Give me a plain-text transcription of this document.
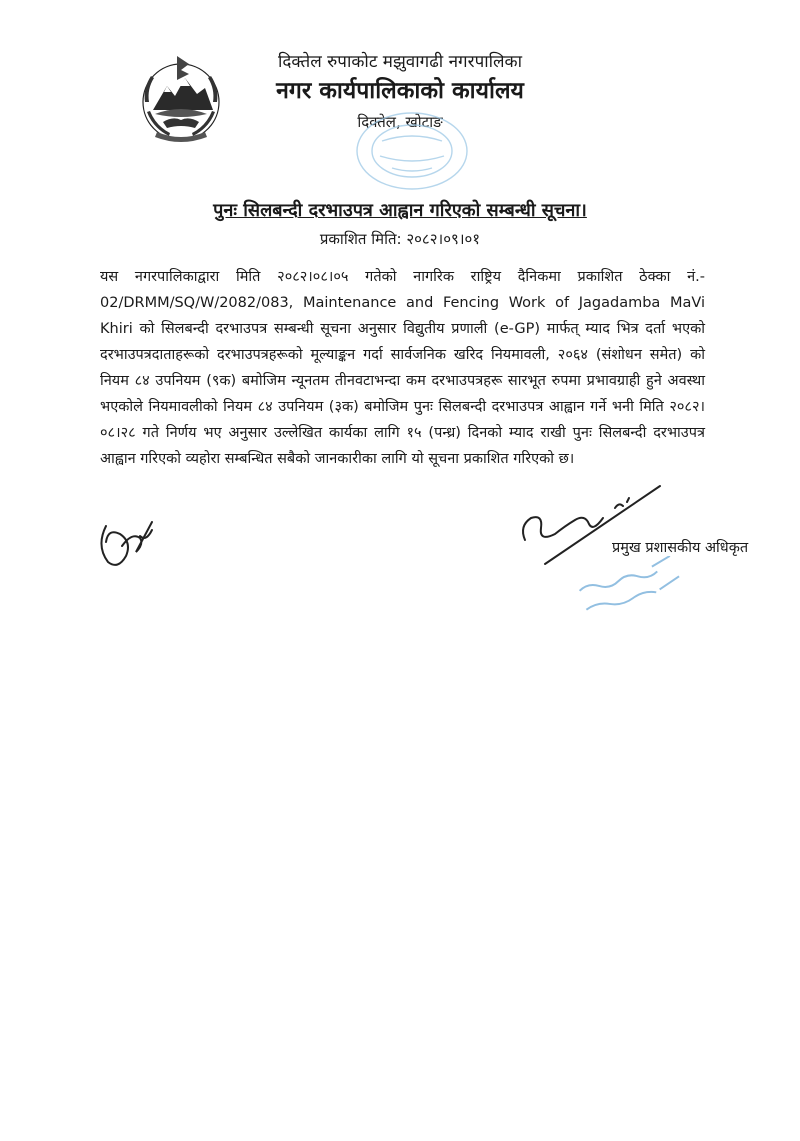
दिक्तेल रुपाकोट मझुवागढी नगरपालिका
नगर कार्यपालिकाको कार्यालय
दिक्तेल, खोटाङ
पुनः सिलबन्दी दरभाउपत्र आह्वान गरिएको सम्बन्धी सूचना।
प्रकाशित मिति: २०८२।०९।०१
यस नगरपालिकाद्वारा मिति २०८२।०८।०५ गतेको नागरिक राष्ट्रिय दैनिकमा प्रकाशित ठेक्का नं.- 02/DRMM/SQ/W/2082/083, Maintenance and Fencing Work of Jagadamba MaVi Khiri को सिलबन्दी दरभाउपत्र सम्बन्धी सूचना अनुसार विद्युतीय प्रणाली (e-GP) मार्फत् म्याद भित्र दर्ता भएको दरभाउपत्रदाताहरूको दरभाउपत्रहरूको मूल्याङ्कन गर्दा सार्वजनिक खरिद नियमावली, २०६४ (संशोधन समेत) को नियम ८४ उपनियम (९क) बमोजिम न्यूनतम तीनवटाभन्दा कम दरभाउपत्रहरू सारभूत रुपमा प्रभावग्राही हुने अवस्था भएकोले नियमावलीको नियम ८४ उपनियम (३क) बमोजिम पुनः सिलबन्दी दरभाउपत्र आह्वान गर्ने भनी मिति २०८२।०८।२८ गते निर्णय भए अनुसार उल्लेखित कार्यका लागि १५ (पन्ध्र) दिनको म्याद राखी पुनः सिलबन्दी दरभाउपत्र आह्वान गरिएको व्यहोरा सम्बन्धित सबैको जानकारीका लागि यो सूचना प्रकाशित गरिएको छ।
प्रमुख प्रशासकीय अधिकृत
